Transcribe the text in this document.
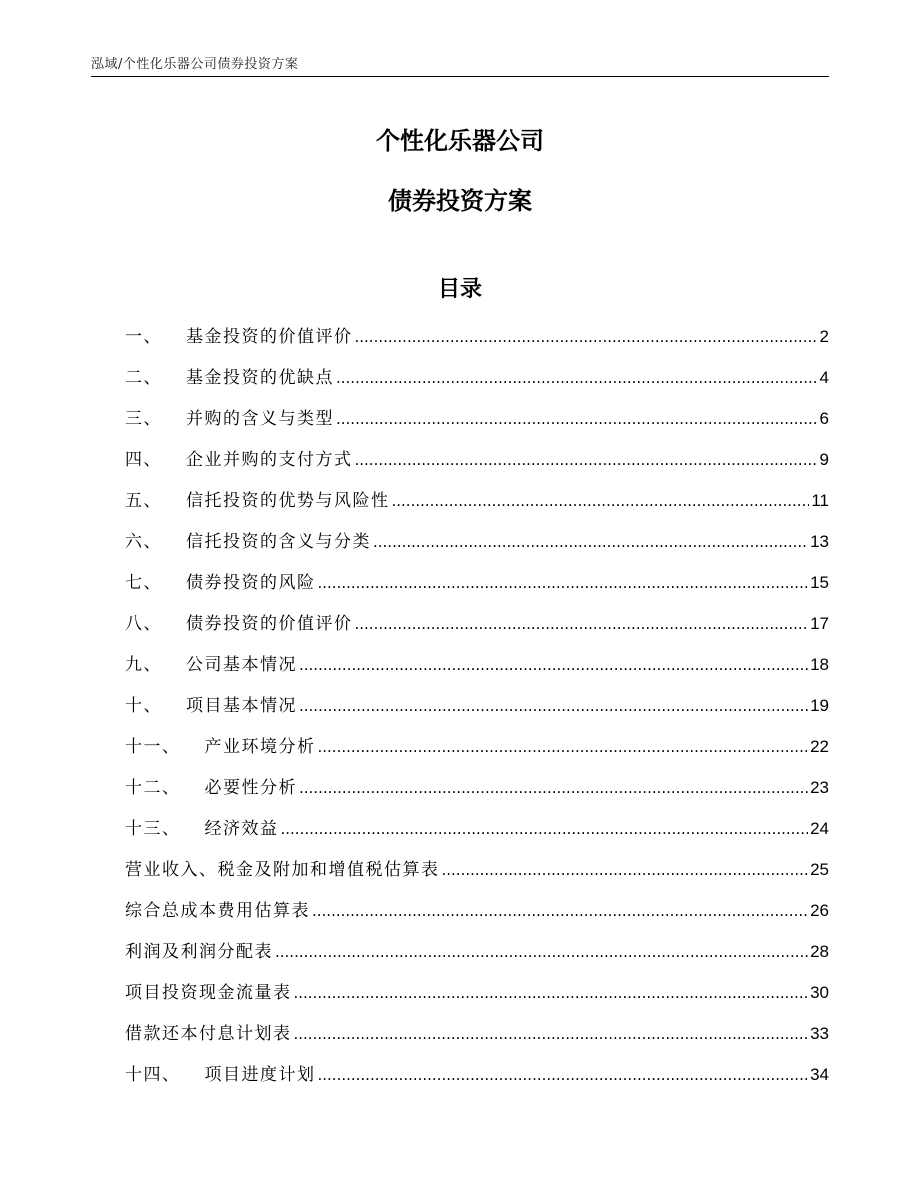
泓域/个性化乐器公司债券投资方案
个性化乐器公司
债券投资方案
目录
一、 基金投资的价值评价 .....	2
二、 基金投资的优缺点 .....	4
三、 并购的含义与类型 .....	6
四、 企业并购的支付方式 .....	9
五、 信托投资的优势与风险性 .....	11
六、 信托投资的含义与分类 .....	13
七、 债券投资的风险 .....	15
八、 债券投资的价值评价 .....	17
九、 公司基本情况 .....	18
十、 项目基本情况 .....	19
十一、 产业环境分析 .....	22
十二、 必要性分析 .....	23
十三、 经济效益 .....	24
营业收入、税金及附加和增值税估算表 .....	25
综合总成本费用估算表 .....	26
利润及利润分配表 .....	28
项目投资现金流量表 .....	30
借款还本付息计划表 .....	33
十四、 项目进度计划 .....	34
